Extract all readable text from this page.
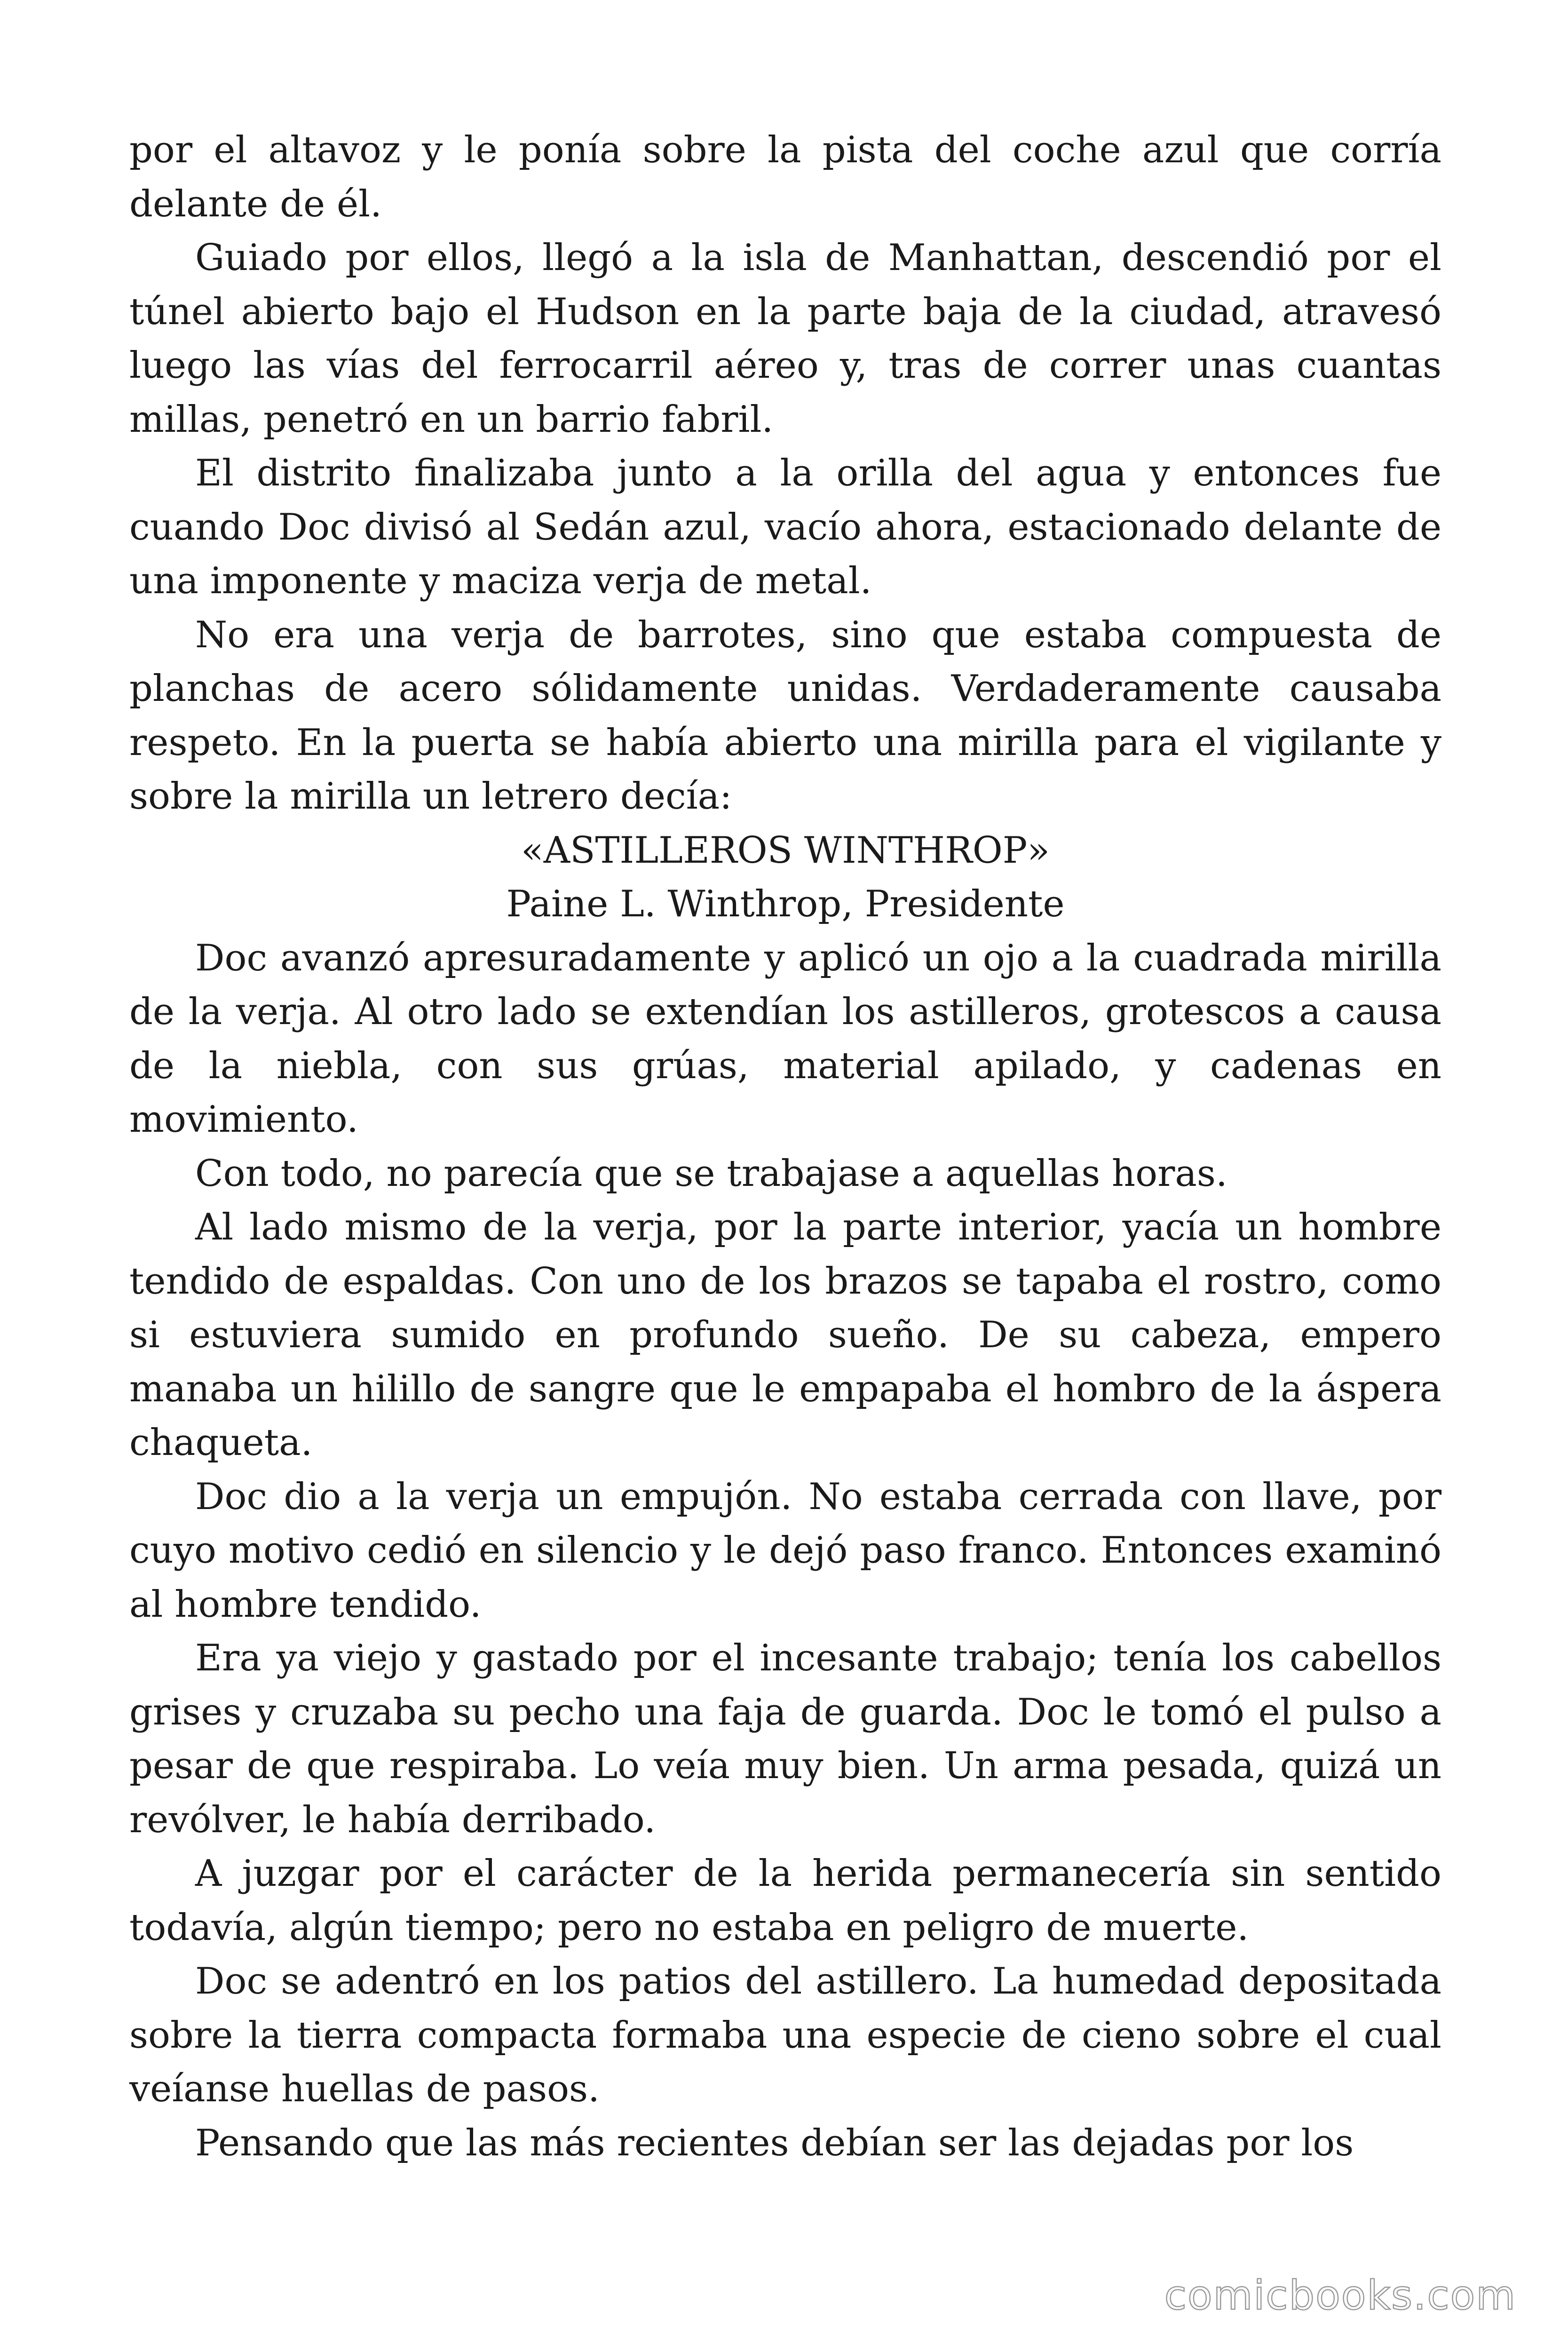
por el altavoz y le ponía sobre la pista del coche azul que corría delante de él.

Guiado por ellos, llegó a la isla de Manhattan, descendió por el túnel abierto bajo el Hudson en la parte baja de la ciudad, atravesó luego las vías del ferrocarril aéreo y, tras de correr unas cuantas millas, penetró en un barrio fabril.

El distrito finalizaba junto a la orilla del agua y entonces fue cuando Doc divisó al Sedán azul, vacío ahora, estacionado delante de una imponente y maciza verja de metal.

No era una verja de barrotes, sino que estaba compuesta de planchas de acero sólidamente unidas. Verdaderamente causaba respeto. En la puerta se había abierto una mirilla para el vigilante y sobre la mirilla un letrero decía:

«ASTILLEROS WINTHROP»

Paine L. Winthrop, Presidente

Doc avanzó apresuradamente y aplicó un ojo a la cuadrada mirilla de la verja. Al otro lado se extendían los astilleros, grotescos a causa de la niebla, con sus grúas, material apilado, y cadenas en movimiento.

Con todo, no parecía que se trabajase a aquellas horas.

Al lado mismo de la verja, por la parte interior, yacía un hombre tendido de espaldas. Con uno de los brazos se tapaba el rostro, como si estuviera sumido en profundo sueño. De su cabeza, empero manaba un hilillo de sangre que le empapaba el hombro de la áspera chaqueta.

Doc dio a la verja un empujón. No estaba cerrada con llave, por cuyo motivo cedió en silencio y le dejó paso franco. Entonces examinó al hombre tendido.

Era ya viejo y gastado por el incesante trabajo; tenía los cabellos grises y cruzaba su pecho una faja de guarda. Doc le tomó el pulso a pesar de que respiraba. Lo veía muy bien. Un arma pesada, quizá un revólver, le había derribado.

A juzgar por el carácter de la herida permanecería sin sentido todavía, algún tiempo; pero no estaba en peligro de muerte.

Doc se adentró en los patios del astillero. La humedad depositada sobre la tierra compacta formaba una especie de cieno sobre el cual veíanse huellas de pasos.

Pensando que las más recientes debían ser las dejadas por los

comicbooks.com
